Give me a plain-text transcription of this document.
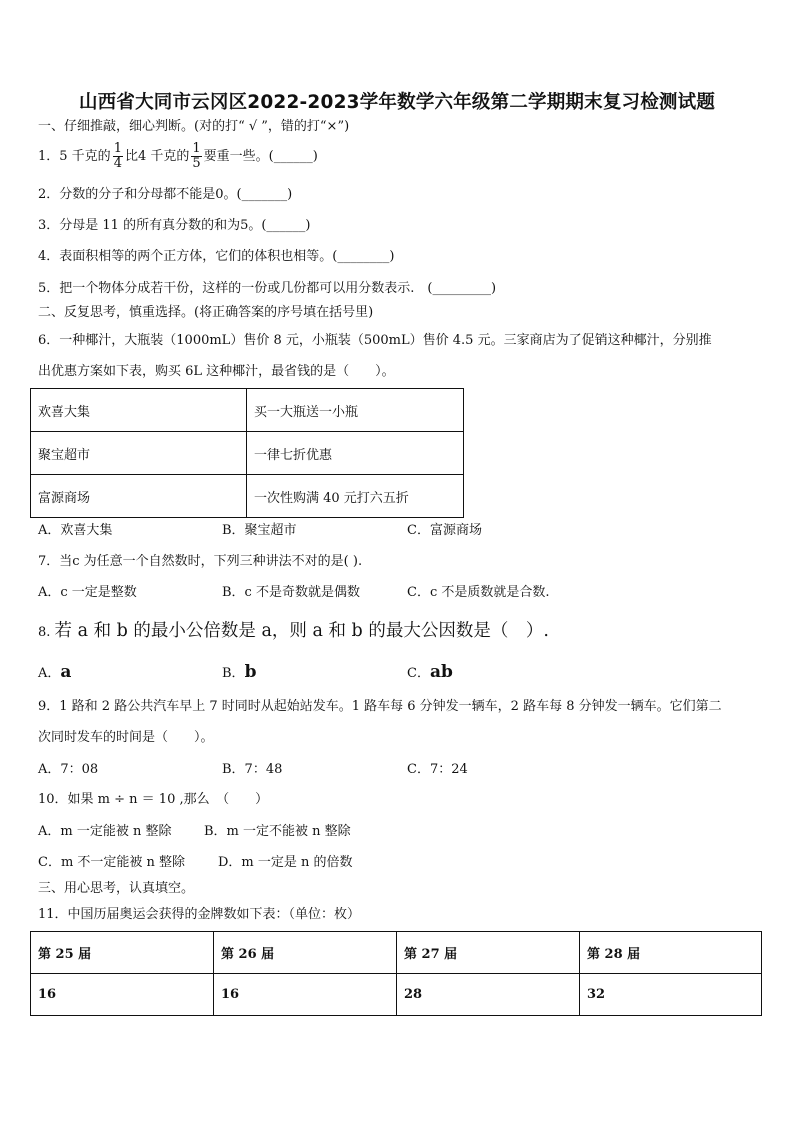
山西省大同市云冈区2022-2023学年数学六年级第二学期期末复习检测试题
一、仔细推敲，细心判断。(对的打“ √ ”，错的打“×”)
1．5 千克的 $\frac{1}{4}$ 比4 千克的 $\frac{1}{5}$ 要重一些。(______)
2．分数的分子和分母都不能是0。(_______)
3．分母是 11 的所有真分数的和为5。(______)
4．表面积相等的两个正方体，它们的体积也相等。(________)
5．把一个物体分成若干份，这样的一份或几份都可以用分数表示.　(_________)
二、反复思考，慎重选择。(将正确答案的序号填在括号里)
6．一种椰汁，大瓶装（1000mL）售价 8 元，小瓶装（500mL）售价 4.5 元。三家商店为了促销这种椰汁，分别推
出优惠方案如下表，购买 6L 这种椰汁，最省钱的是（　　）。
欢喜大集	买一大瓶送一小瓶
聚宝超市	一律七折优惠
富源商场	一次性购满 40 元打六五折
A．欢喜大集	B．聚宝超市	C．富源商场
7．当c 为任意一个自然数时，下列三种讲法不对的是( ).
A．c 一定是整数	B．c 不是奇数就是偶数	C．c 不是质数就是合数.
8. 若 a 和 b 的最小公倍数是 a，则 a 和 b 的最大公因数是（　）.
A．a	B．b	C．ab
9．1 路和 2 路公共汽车早上 7 时同时从起始站发车。1 路车每 6 分钟发一辆车，2 路车每 8 分钟发一辆车。它们第二
次同时发车的时间是（　　）。
A．7：08	B．7：48	C．7：24
10．如果 m ÷ n ＝ 10 ,那么　（　　）
A．m 一定能被 n 整除	B．m 一定不能被 n 整除
C．m 不一定能被 n 整除	D．m 一定是 n 的倍数
三、用心思考，认真填空。
11．中国历届奥运会获得的金牌数如下表：（单位：枚）
第 25 届	第 26 届	第 27 届	第 28 届
16	16	28	32
